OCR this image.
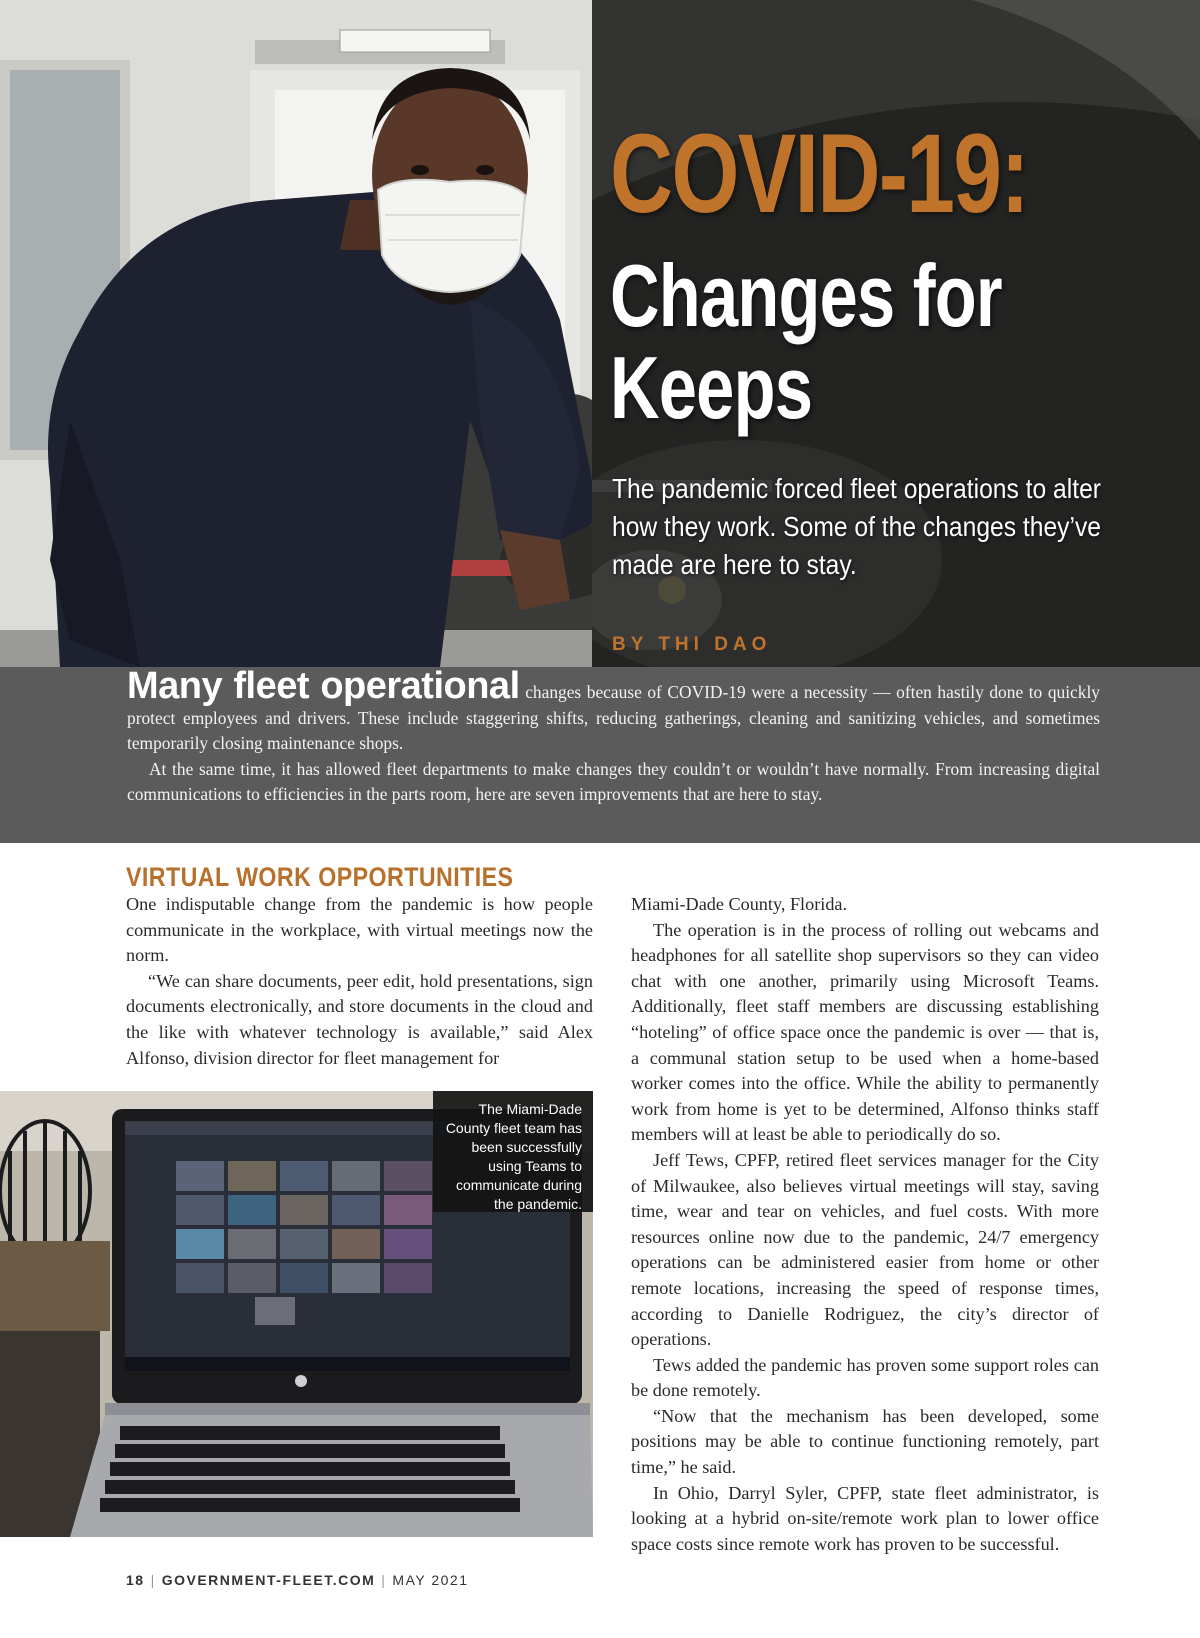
COVID-19:
Changes for Keeps
The pandemic forced fleet operations to alter how they work. Some of the changes they’ve made are here to stay.
BY THI DAO

Many fleet operational changes because of COVID-19 were a necessity — often hastily done to quickly protect employees and drivers. These include staggering shifts, reducing gatherings, cleaning and sanitizing vehicles, and sometimes temporarily closing maintenance shops.

At the same time, it has allowed fleet departments to make changes they couldn’t or wouldn’t have normally. From increasing digital communications to efficiencies in the parts room, here are seven improvements that are here to stay.

VIRTUAL WORK OPPORTUNITIES

One indisputable change from the pandemic is how people communicate in the workplace, with virtual meetings now the norm.

“We can share documents, peer edit, hold presentations, sign documents electronically, and store documents in the cloud and the like with whatever technology is available,” said Alex Alfonso, division director for fleet management for

Miami-Dade County, Florida.

The operation is in the process of rolling out webcams and headphones for all satellite shop supervisors so they can video chat with one another, primarily using Microsoft Teams. Additionally, fleet staff members are discussing establishing “hoteling” of office space once the pandemic is over — that is, a communal station setup to be used when a home-based worker comes into the office. While the ability to permanently work from home is yet to be determined, Alfonso thinks staff members will at least be able to periodically do so.

Jeff Tews, CPFP, retired fleet services manager for the City of Milwaukee, also believes virtual meetings will stay, saving time, wear and tear on vehicles, and fuel costs. With more resources online now due to the pandemic, 24/7 emergency operations can be administered easier from home or other remote locations, increasing the speed of response times, according to Danielle Rodriguez, the city’s director of operations.

Tews added the pandemic has proven some support roles can be done remotely.

“Now that the mechanism has been developed, some positions may be able to continue functioning remotely, part time,” he said.

In Ohio, Darryl Syler, CPFP, state fleet administrator, is looking at a hybrid on-site/remote work plan to lower office space costs since remote work has proven to be successful.

The Miami-Dade County fleet team has been successfully using Teams to communicate during the pandemic.
18 | GOVERNMENT-FLEET.COM | MAY 2021
